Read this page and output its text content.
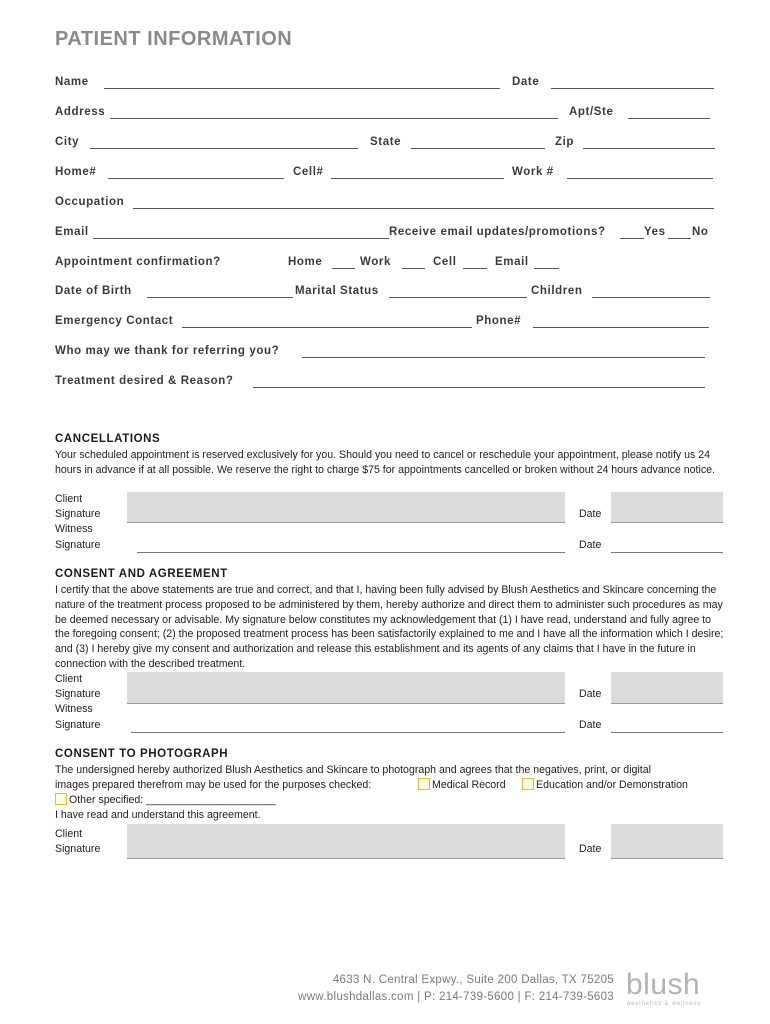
PATIENT INFORMATION
Name	Date
Address	Apt/Ste
City	State	Zip
Home#	Cell#	Work #
Occupation
Email	Receive email updates/promotions?	Yes No
Appointment confirmation?	Home	Work	Cell	Email
Date of Birth	Marital Status	Children
Emergency Contact	Phone#
Who may we thank for referring you?
Treatment desired & Reason?
CANCELLATIONS
Your scheduled appointment is reserved exclusively for you. Should you need to cancel or reschedule your appointment, please notify us 24 hours in advance if at all possible. We reserve the right to charge $75 for appointments cancelled or broken without 24 hours advance notice.
Client
Signature	Date
Witness
Signature	Date
CONSENT AND AGREEMENT
I certify that the above statements are true and correct, and that I, having been fully advised by Blush Aesthetics and Skincare concerning the nature of the treatment process proposed to be administered by them, hereby authorize and direct them to administer such procedures as may be deemed necessary or advisable. My signature below constitutes my acknowledgement that (1) I have read, understand and fully agree to the foregoing consent; (2) the proposed treatment process has been satisfactorily explained to me and I have all the information which I desire; and (3) I hereby give my consent and authorization and release this establishment and its agents of any claims that I have in the future in connection with the described treatment.
Client
Signature	Date
Witness
Signature	Date
CONSENT TO PHOTOGRAPH
The undersigned hereby authorized Blush Aesthetics and Skincare to photograph and agrees that the negatives, print, or digital
images prepared therefrom may be used for the purposes checked:	Medical Record	Education and/or Demonstration
Other specified: ______________________
I have read and understand this agreement.
Client
Signature	Date
4633 N. Central Expwy., Suite 200 Dallas, TX 75205
www.blushdallas.com | P: 214-739-5600 | F: 214-739-5603 blush
aesthetics & wellness
